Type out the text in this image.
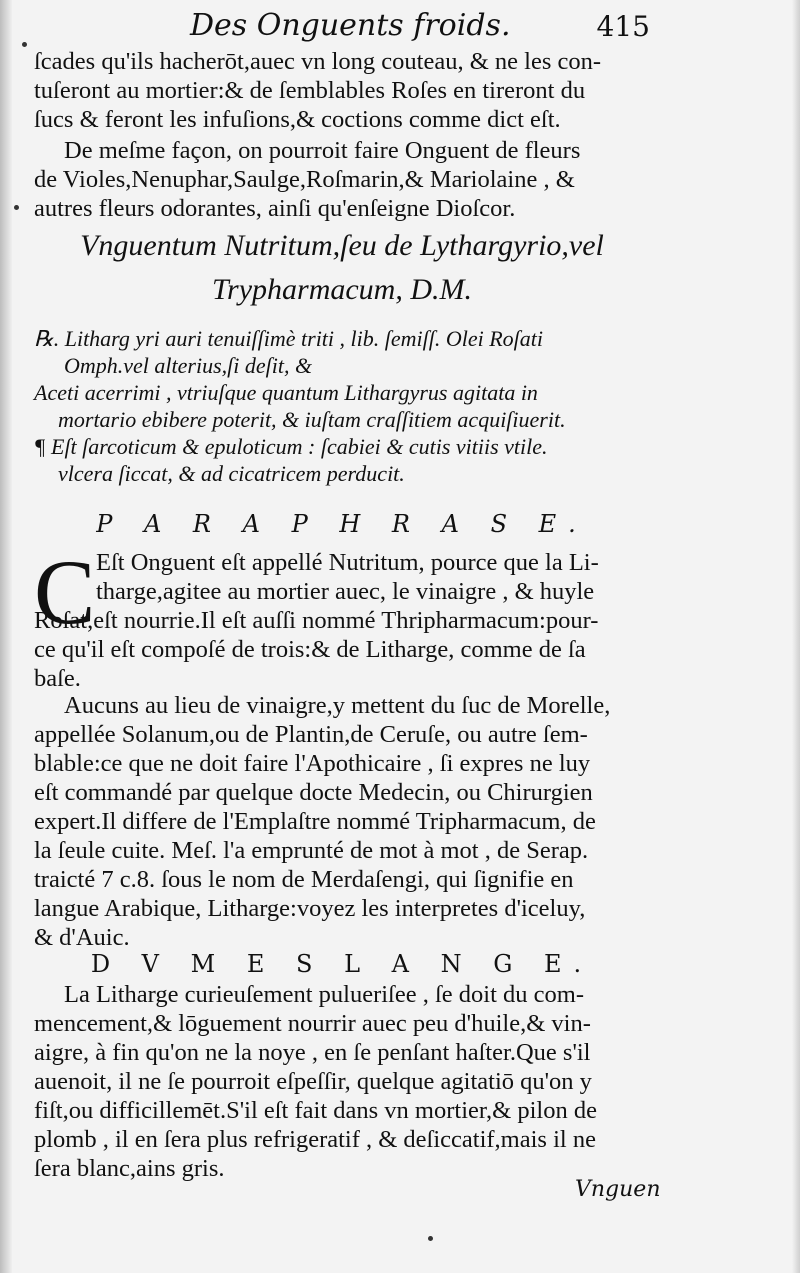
Des Onguents froids.	415

ſcades qu'ils hacherōt,auec vn long couteau, & ne les con-

tuſeront au mortier:& de ſemblables Roſes en tireront du

ſucs & feront les infuſions,& coctions comme dict eſt.

De meſme façon, on pourroit faire Onguent de fleurs

de Violes,Nenuphar,Saulge,Roſmarin,& Mariolaine , &

autres fleurs odorantes, ainſi qu'enſeigne Dioſcor.

Vnguentum Nutritum,ſeu de Lythargyrio,vel
Trypharmacum, D.M.

℞. Litharg yri auri tenuiſſimè triti , lib. ſemiſſ. Olei Roſati

Omph.vel alterius,ſi deſit, &

Aceti acerrimi , vtriuſque quantum Lithargyrus agitata in

mortario ebibere poterit, & iuſtam craſſitiem acquiſiuerit.

¶ Eſt ſarcoticum & epuloticum : ſcabiei & cutis vitiis vtile.

vlcera ſiccat, & ad cicatricem perducit.

P A R A P H R A S E.
C Eſt Onguent eſt appellé Nutritum, pource que la Li-

tharge,agitee au mortier auec, le vinaigre , & huyle

Roſat,eſt nourrie.Il eſt auſſi nommé Thripharmacum:pour-

ce qu'il eſt compoſé de trois:& de Litharge, comme de ſa

baſe.

Aucuns au lieu de vinaigre,y mettent du ſuc de Morelle,

appellée Solanum,ou de Plantin,de Ceruſe, ou autre ſem-

blable:ce que ne doit faire l'Apothicaire , ſi expres ne luy

eſt commandé par quelque docte Medecin, ou Chirurgien

expert.Il differe de l'Emplaſtre nommé Tripharmacum, de

la ſeule cuite. Meſ. l'a emprunté de mot à mot , de Serap.

traicté 7 c.8. ſous le nom de Merdaſengi, qui ſignifie en

langue Arabique, Litharge:voyez les interpretes d'iceluy,

& d'Auic.

D V M E S L A N G E.

La Litharge curieuſement pulueriſee , ſe doit du com-

mencement,& lōguement nourrir auec peu d'huile,& vin-

aigre, à fin qu'on ne la noye , en ſe penſant haſter.Que s'il

auenoit, il ne ſe pourroit eſpeſſir, quelque agitatiō qu'on y

fiſt,ou difficillemēt.S'il eſt fait dans vn mortier,& pilon de

plomb , il en ſera plus refrigeratif , & deſiccatif,mais il ne

ſera blanc,ains gris.

Vnguen
